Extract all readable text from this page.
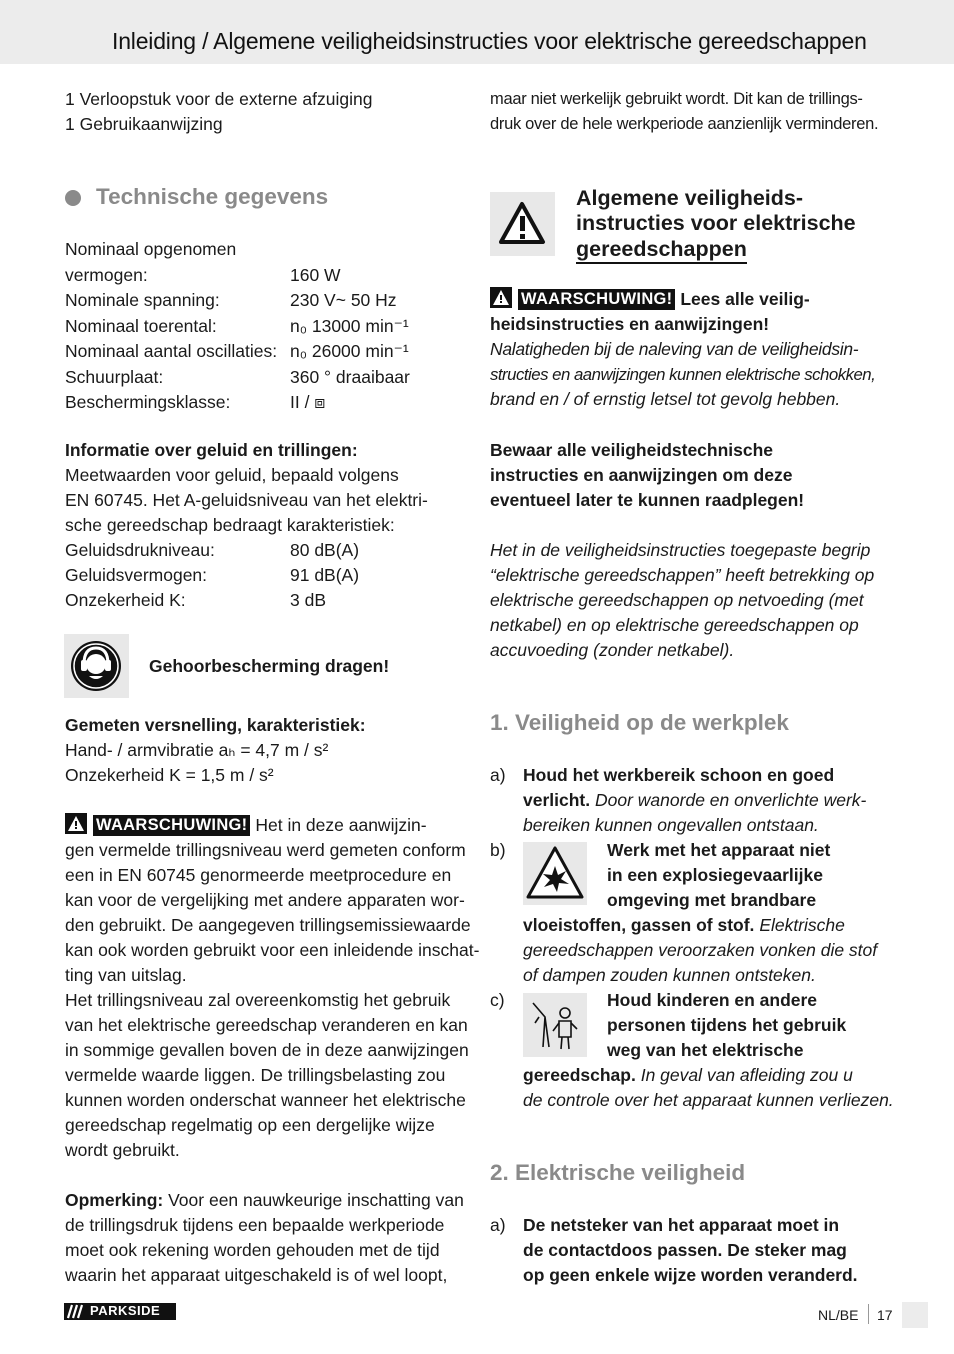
Inleiding / Algemene veiligheidsinstructies voor elektrische gereedschappen
1 Verloopstuk voor de externe afzuiging
1 Gebruikaanwijzing
Technische gegevens
Nominaal opgenomen
vermogen:	160 W
Nominale spanning:	230 V~ 50 Hz
Nominaal toerental:	n₀ 13000 min⁻¹
Nominaal aantal oscillaties: n₀ 26000 min⁻¹
Schuurplaat:	360 ° draaibaar
Beschermingsklasse:	II / ⧈
Informatie over geluid en trillingen:
Meetwaarden voor geluid, bepaald volgens
EN 60745. Het A-geluidsniveau van het elektri-
sche gereedschap bedraagt karakteristiek:
Geluidsdrukniveau:	80 dB(A)
Geluidsvermogen:	91 dB(A)
Onzekerheid K:	3 dB
Gehoorbescherming dragen!
Gemeten versnelling, karakteristiek:
Hand- / armvibratie aₕ = 4,7 m / s²
Onzekerheid K = 1,5 m / s²
WAARSCHUWING! Het in deze aanwijzin-
gen vermelde trillingsniveau werd gemeten conform
een in EN 60745 genormeerde meetprocedure en
kan voor de vergelijking met andere apparaten wor-
den gebruikt. De aangegeven trillingsemissiewaarde
kan ook worden gebruikt voor een inleidende inschat-
ting van uitslag.
Het trillingsniveau zal overeenkomstig het gebruik
van het elektrische gereedschap veranderen en kan
in sommige gevallen boven de in deze aanwijzingen
vermelde waarde liggen. De trillingsbelasting zou
kunnen worden onderschat wanneer het elektrische
gereedschap regelmatig op een dergelijke wijze
wordt gebruikt.
Opmerking: Voor een nauwkeurige inschatting van
de trillingsdruk tijdens een bepaalde werkperiode
moet ook rekening worden gehouden met de tijd
waarin het apparaat uitgeschakeld is of wel loopt,
maar niet werkelijk gebruikt wordt. Dit kan de trillings-
druk over de hele werkperiode aanzienlijk verminderen.
Algemene veiligheids-
instructies voor elektrische
gereedschappen
WAARSCHUWING! Lees alle veilig-
heidsinstructies en aanwijzingen!
Nalatigheden bij de naleving van de veiligheidsin-
structies en aanwijzingen kunnen elektrische schokken,
brand en / of ernstig letsel tot gevolg hebben.
Bewaar alle veiligheidstechnische
instructies en aanwijzingen om deze
eventueel later te kunnen raadplegen!
Het in de veiligheidsinstructies toegepaste begrip
“elektrische gereedschappen” heeft betrekking op
elektrische gereedschappen op netvoeding (met
netkabel) en op elektrische gereedschappen op
accuvoeding (zonder netkabel).
1. Veiligheid op de werkplek
a) Houd het werkbereik schoon en goed
verlicht. Door wanorde en onverlichte werk-
bereiken kunnen ongevallen ontstaan.
b)	Werk met het apparaat niet
in een explosiegevaarlijke
omgeving met brandbare
vloeistoffen, gassen of stof. Elektrische
gereedschappen veroorzaken vonken die stof
of dampen zouden kunnen ontsteken.
c)	Houd kinderen en andere
personen tijdens het gebruik
weg van het elektrische
gereedschap. In geval van afleiding zou u
de controle over het apparaat kunnen verliezen.
2. Elektrische veiligheid
a) De netsteker van het apparaat moet in
de contactdoos passen. De steker mag
op geen enkele wijze worden veranderd.
PARKSIDE	NL/BE 17
